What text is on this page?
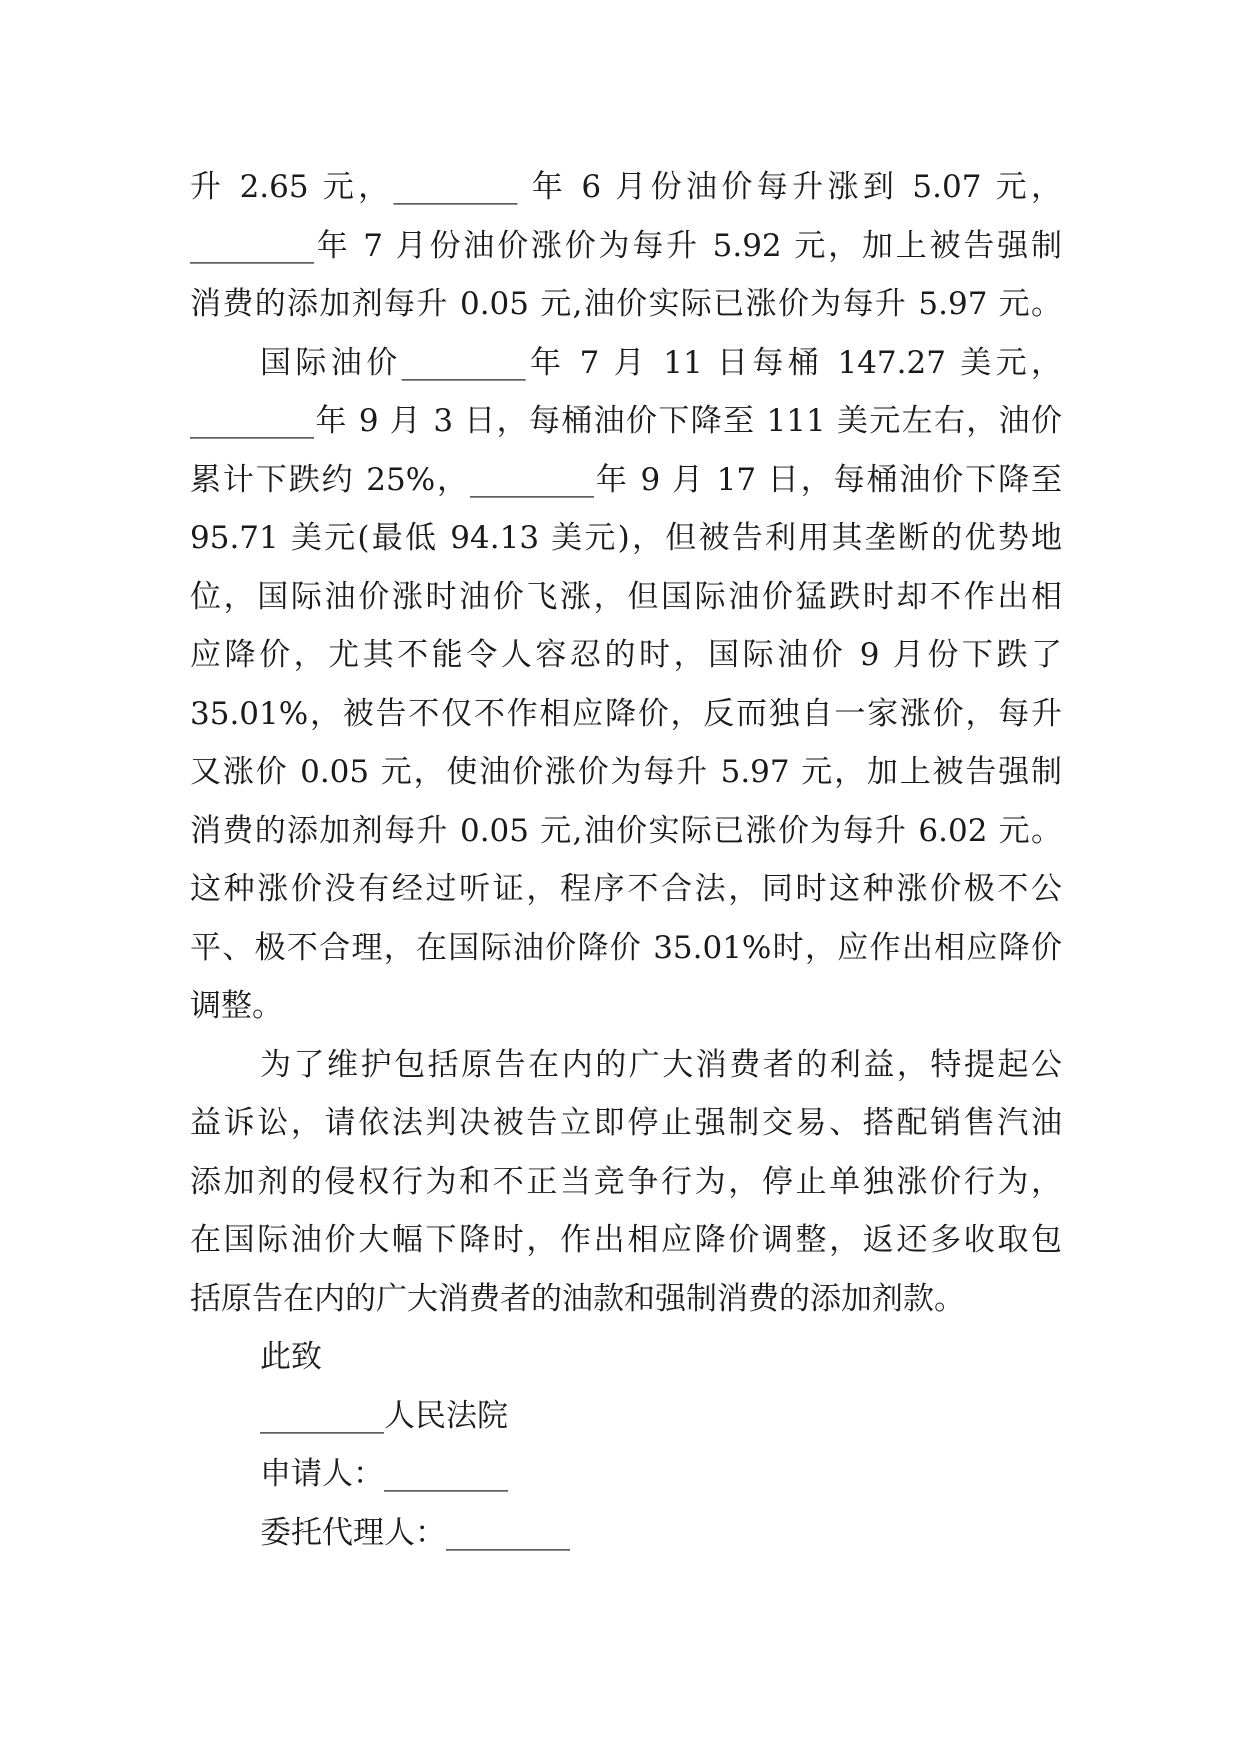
升 2.65 元，________ 年 6 月份油价每升涨到 5.07 元，
________年 7 月份油价涨价为每升 5.92 元，加上被告强制
消费的添加剂每升 0.05 元,油价实际已涨价为每升 5.97 元。
国际油价________年 7 月 11 日每桶 147.27 美元，
________年 9 月 3 日，每桶油价下降至 111 美元左右，油价
累计下跌约 25%，________年 9 月 17 日，每桶油价下降至
95.71 美元(最低 94.13 美元)，但被告利用其垄断的优势地
位，国际油价涨时油价飞涨，但国际油价猛跌时却不作出相
应降价，尤其不能令人容忍的时，国际油价 9 月份下跌了
35.01%，被告不仅不作相应降价，反而独自一家涨价，每升
又涨价 0.05 元，使油价涨价为每升 5.97 元，加上被告强制
消费的添加剂每升 0.05 元,油价实际已涨价为每升 6.02 元。
这种涨价没有经过听证，程序不合法，同时这种涨价极不公
平、极不合理，在国际油价降价 35.01%时，应作出相应降价
调整。
为了维护包括原告在内的广大消费者的利益，特提起公
益诉讼，请依法判决被告立即停止强制交易、搭配销售汽油
添加剂的侵权行为和不正当竞争行为，停止单独涨价行为，
在国际油价大幅下降时，作出相应降价调整，返还多收取包
括原告在内的广大消费者的油款和强制消费的添加剂款。
此致
________人民法院
申请人：________
委托代理人：________
